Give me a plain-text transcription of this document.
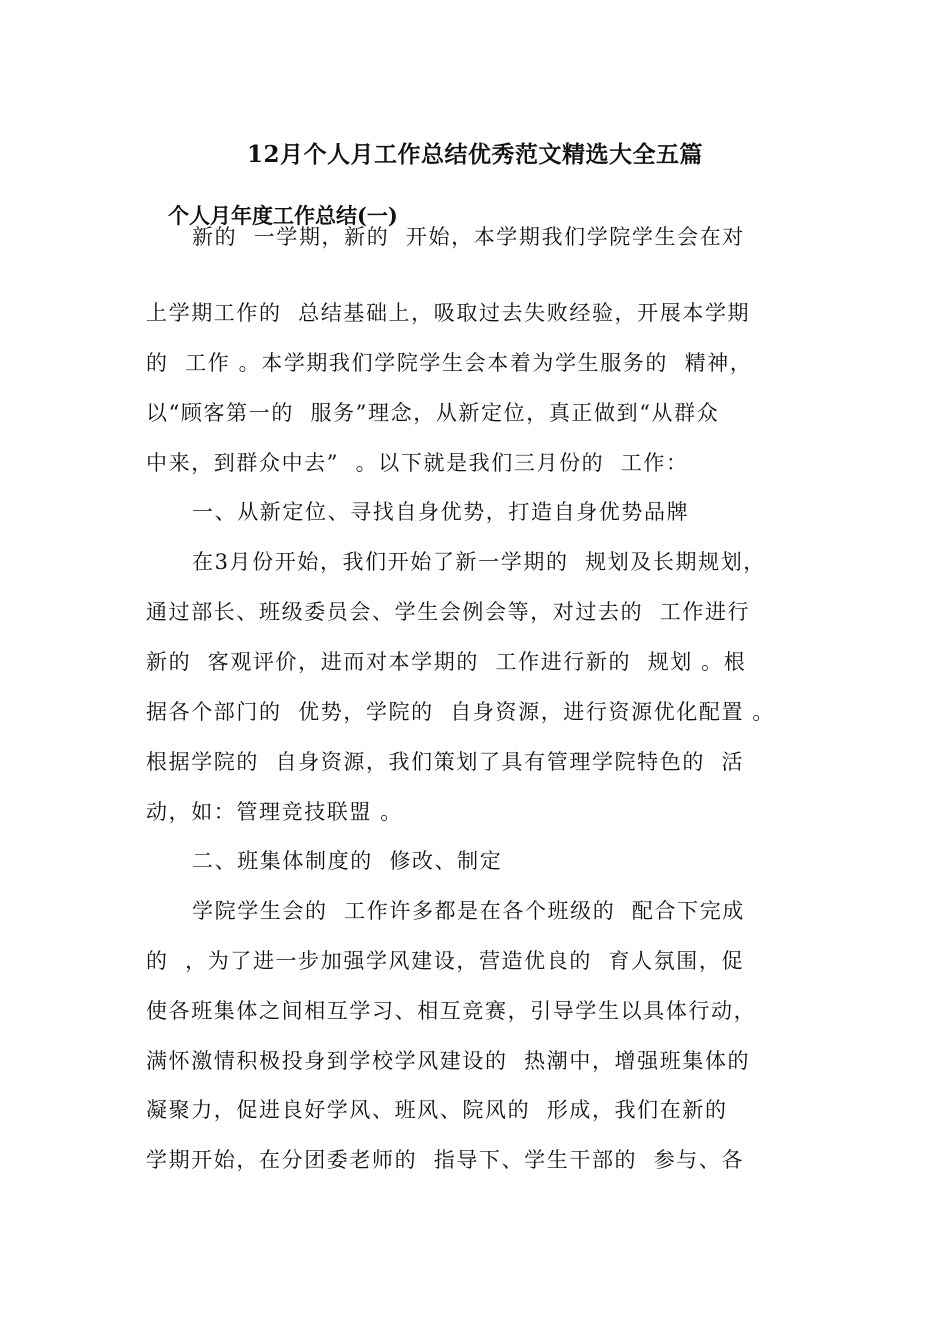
12月个人月工作总结优秀范文精选大全五篇
个人月年度工作总结(一)
新的  一学期，新的  开始，本学期我们学院学生会在对
上学期工作的  总结基础上，吸取过去失败经验，开展本学期
的  工作 。本学期我们学院学生会本着为学生服务的  精神，
以“顾客第一的  服务”理念，从新定位，真正做到“从群众
中来，到群众中去”  。以下就是我们三月份的  工作：
一、从新定位、寻找自身优势，打造自身优势品牌
在3月份开始，我们开始了新一学期的  规划及长期规划，
通过部长、班级委员会、学生会例会等，对过去的  工作进行
新的  客观评价，进而对本学期的  工作进行新的  规划 。根
据各个部门的  优势，学院的  自身资源，进行资源优化配置 。
根据学院的  自身资源，我们策划了具有管理学院特色的  活
动，如：管理竞技联盟 。
二、班集体制度的  修改、制定
学院学生会的  工作许多都是在各个班级的  配合下完成
的  ，为了进一步加强学风建设，营造优良的  育人氛围，促
使各班集体之间相互学习、相互竞赛，引导学生以具体行动，
满怀激情积极投身到学校学风建设的  热潮中，增强班集体的
凝聚力，促进良好学风、班风、院风的  形成，我们在新的
学期开始，在分团委老师的  指导下、学生干部的  参与、各
